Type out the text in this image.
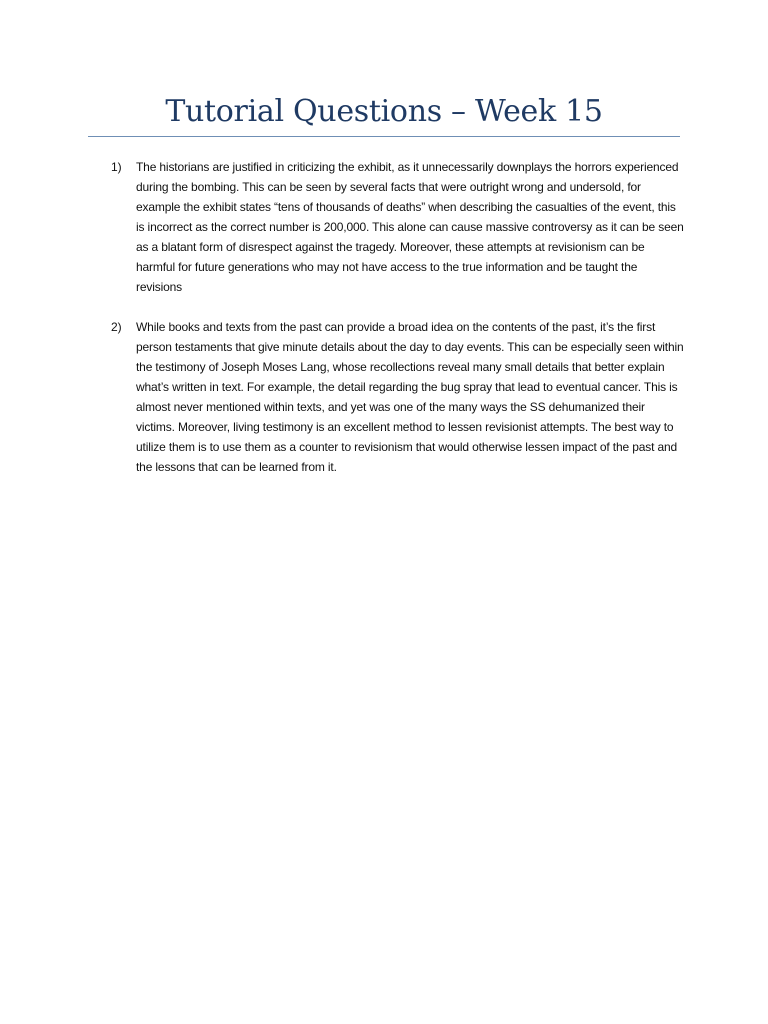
Tutorial Questions – Week 15
1) The historians are justified in criticizing the exhibit, as it unnecessarily downplays the horrors experienced during the bombing. This can be seen by several facts that were outright wrong and undersold, for example the exhibit states “tens of thousands of deaths” when describing the casualties of the event, this is incorrect as the correct number is 200,000. This alone can cause massive controversy as it can be seen as a blatant form of disrespect against the tragedy. Moreover, these attempts at revisionism can be harmful for future generations who may not have access to the true information and be taught the revisions
2) While books and texts from the past can provide a broad idea on the contents of the past, it’s the first person testaments that give minute details about the day to day events. This can be especially seen within the testimony of Joseph Moses Lang, whose recollections reveal many small details that better explain what’s written in text. For example, the detail regarding the bug spray that lead to eventual cancer. This is almost never mentioned within texts, and yet was one of the many ways the SS dehumanized their victims. Moreover, living testimony is an excellent method to lessen revisionist attempts. The best way to utilize them is to use them as a counter to revisionism that would otherwise lessen impact of the past and the lessons that can be learned from it.
